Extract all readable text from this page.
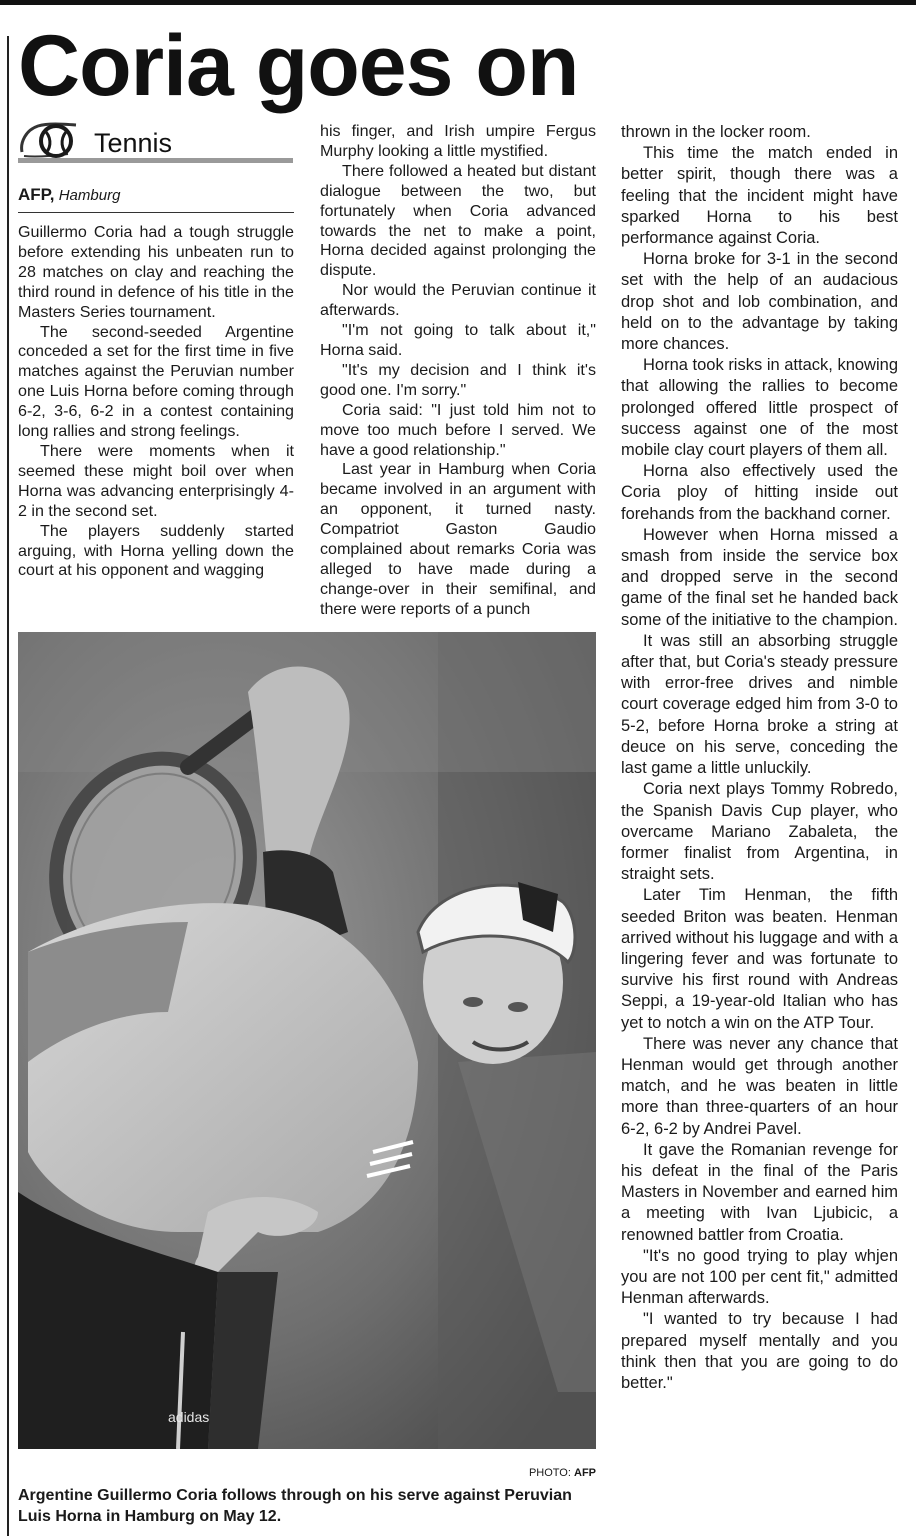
Coria goes on
Tennis
AFP, Hamburg

Guillermo Coria had a tough struggle before extending his unbeaten run to 28 matches on clay and reaching the third round in defence of his title in the Masters Series tournament.

The second-seeded Argentine conceded a set for the first time in five matches against the Peruvian number one Luis Horna before coming through 6-2, 3-6, 6-2 in a contest containing long rallies and strong feelings.

There were moments when it seemed these might boil over when Horna was advancing enterprisingly 4-2 in the second set.

The players suddenly started arguing, with Horna yelling down the court at his opponent and wagging

his finger, and Irish umpire Fergus Murphy looking a little mystified.

There followed a heated but distant dialogue between the two, but fortunately when Coria advanced towards the net to make a point, Horna decided against prolonging the dispute.

Nor would the Peruvian continue it afterwards.

"I'm not going to talk about it," Horna said.

"It's my decision and I think it's good one. I'm sorry."

Coria said: "I just told him not to move too much before I served. We have a good relationship."

Last year in Hamburg when Coria became involved in an argument with an opponent, it turned nasty. Compatriot Gaston Gaudio complained about remarks Coria was alleged to have made during a change-over in their semifinal, and there were reports of a punch

thrown in the locker room.

This time the match ended in better spirit, though there was a feeling that the incident might have sparked Horna to his best performance against Coria.

Horna broke for 3-1 in the second set with the help of an audacious drop shot and lob combination, and held on to the advantage by taking more chances.

Horna took risks in attack, knowing that allowing the rallies to become prolonged offered little prospect of success against one of the most mobile clay court players of them all.

Horna also effectively used the Coria ploy of hitting inside out forehands from the backhand corner.

However when Horna missed a smash from inside the service box and dropped serve in the second game of the final set he handed back some of the initiative to the champion.

It was still an absorbing struggle after that, but Coria's steady pressure with error-free drives and nimble court coverage edged him from 3-0 to 5-2, before Horna broke a string at deuce on his serve, conceding the last game a little unluckily.

Coria next plays Tommy Robredo, the Spanish Davis Cup player, who overcame Mariano Zabaleta, the former finalist from Argentina, in straight sets.

Later Tim Henman, the fifth seeded Briton was beaten. Henman arrived without his luggage and with a lingering fever and was fortunate to survive his first round with Andreas Seppi, a 19-year-old Italian who has yet to notch a win on the ATP Tour.

There was never any chance that Henman would get through another match, and he was beaten in little more than three-quarters of an hour 6-2, 6-2 by Andrei Pavel.

It gave the Romanian revenge for his defeat in the final of the Paris Masters in November and earned him a meeting with Ivan Ljubicic, a renowned battler from Croatia.

"It's no good trying to play whjen you are not 100 per cent fit," admitted Henman afterwards.

"I wanted to try because I had prepared myself mentally and you think then that you are going to do better."

adidas
PHOTO: AFP
Argentine Guillermo Coria follows through on his serve against Peruvian Luis Horna in Hamburg on May 12.
